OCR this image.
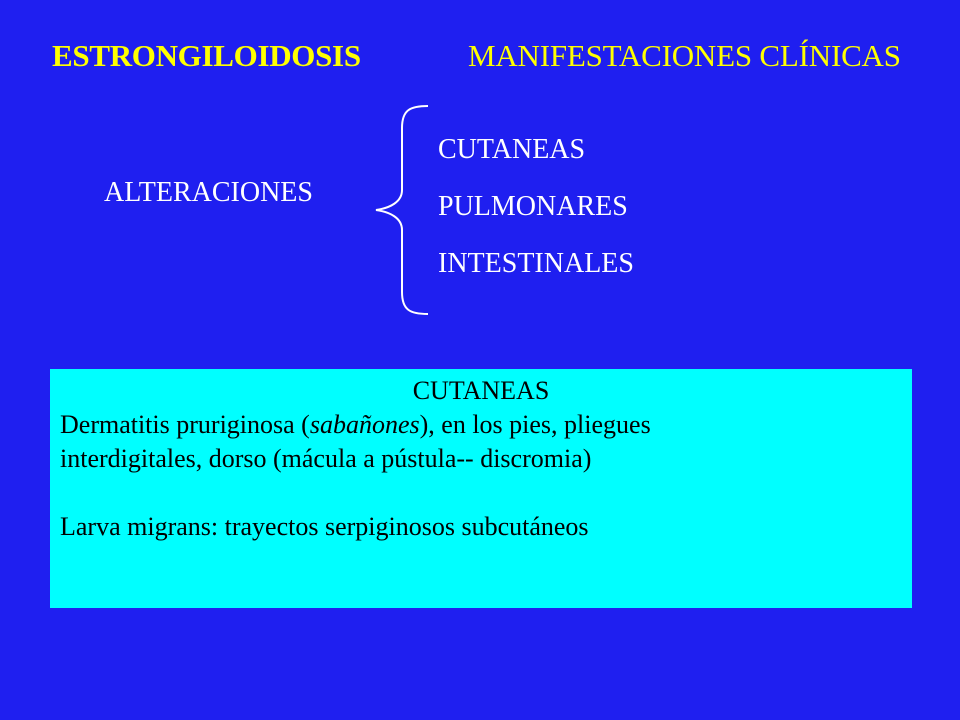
ESTRONGILOIDOSIS	MANIFESTACIONES CLÍNICAS
ALTERACIONES
CUTANEAS
PULMONARES
INTESTINALES
CUTANEAS
Dermatitis pruriginosa (sabañones), en los pies, pliegues
interdigitales, dorso (mácula a pústula-- discromia)
Larva migrans: trayectos serpiginosos subcutáneos
